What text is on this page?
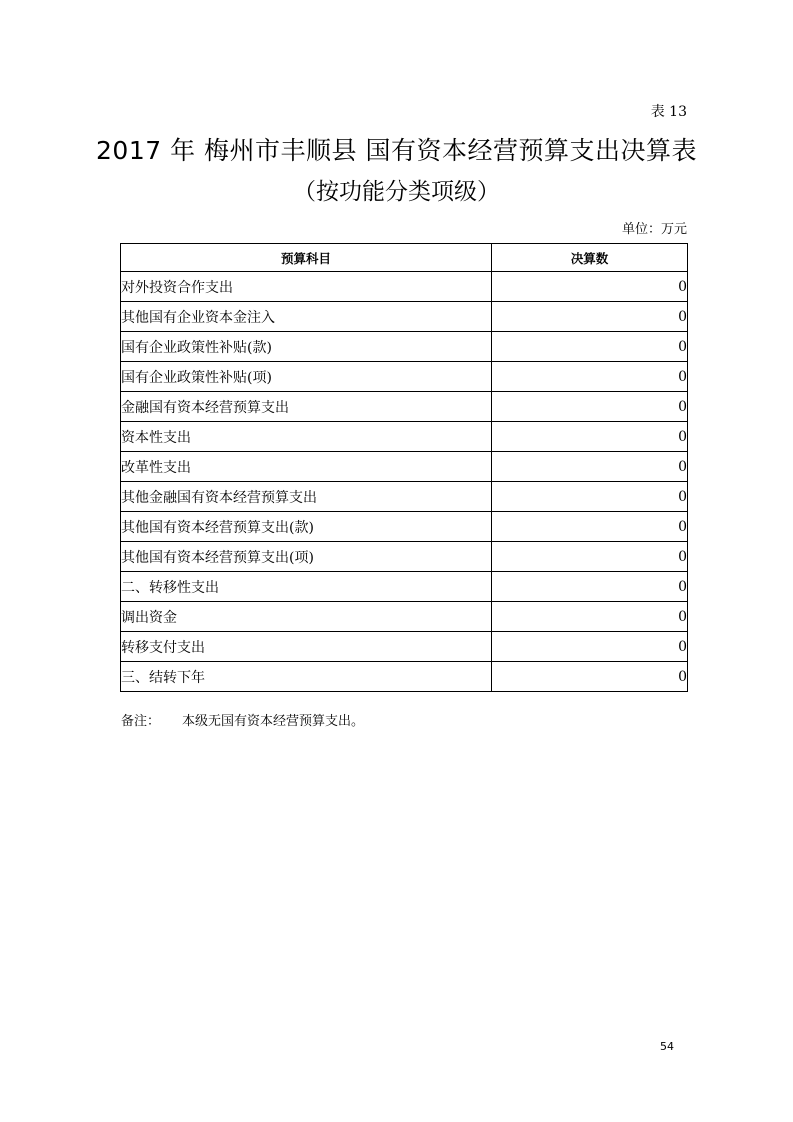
表 13
2017 年 梅州市丰顺县 国有资本经营预算支出决算表
（按功能分类项级）
单位：万元
预算科目	决算数
对外投资合作支出	0
其他国有企业资本金注入	0
国有企业政策性补贴(款)	0
国有企业政策性补贴(项)	0
金融国有资本经营预算支出	0
资本性支出	0
改革性支出	0
其他金融国有资本经营预算支出	0
其他国有资本经营预算支出(款)	0
其他国有资本经营预算支出(项)	0
二、转移性支出	0
调出资金	0
转移支付支出	0
三、结转下年	0
备注： 本级无国有资本经营预算支出。
54
